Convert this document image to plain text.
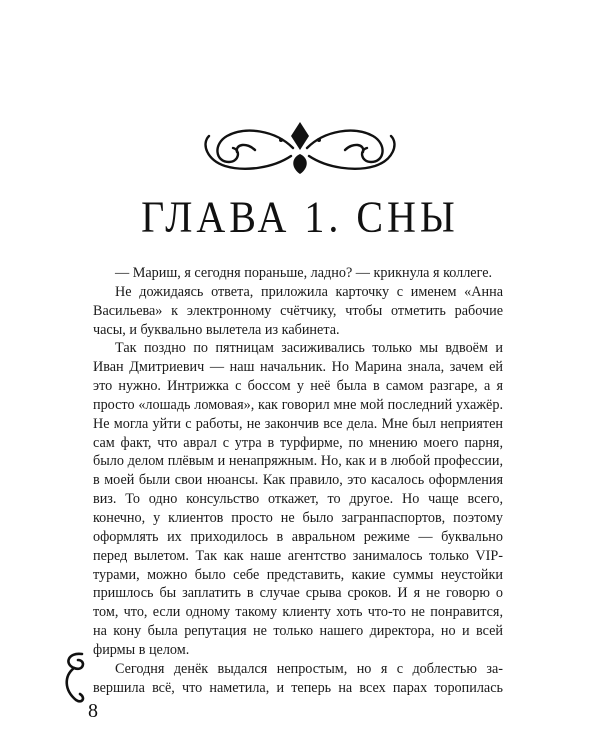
ГЛАВА 1. СНЫ

— Мариш, я сегодня пораньше, ладно? — крикнула я коллеге.

Не дожидаясь ответа, приложила карточку с именем «Анна Васильева» к электронному счётчику, чтобы отметить рабочие часы, и буквально вылетела из кабинета.

Так поздно по пятницам засиживались только мы вдвоём и Иван Дмитриевич — наш начальник. Но Марина знала, зачем ей это нужно. Интрижка с боссом у неё была в самом разгаре, а я просто «лошадь ломовая», как говорил мне мой последний ухажёр. Не могла уйти с работы, не закончив все дела. Мне был неприятен сам факт, что аврал с утра в турфирме, по мнению моего парня, было делом плёвым и ненапряжным. Но, как и в любой профессии, в моей были свои нюансы. Как правило, это касалось оформления виз. То одно консульство откажет, то другое. Но чаще всего, конечно, у клиентов просто не было загранпаспортов, поэтому оформлять их приходилось в авральном режиме — буквально перед вылетом. Так как наше агентство занималось только VIP-турами, можно было себе представить, какие суммы неустойки пришлось бы заплатить в случае срыва сроков. И я не говорю о том, что, если одному такому клиенту хоть что-то не понравится, на кону была репутация не только нашего директора, но и всей фирмы в целом.

Сегодня денёк выдался непростым, но я с доблестью завершила всё, что наметила, и теперь на всех парах торопилась

8
